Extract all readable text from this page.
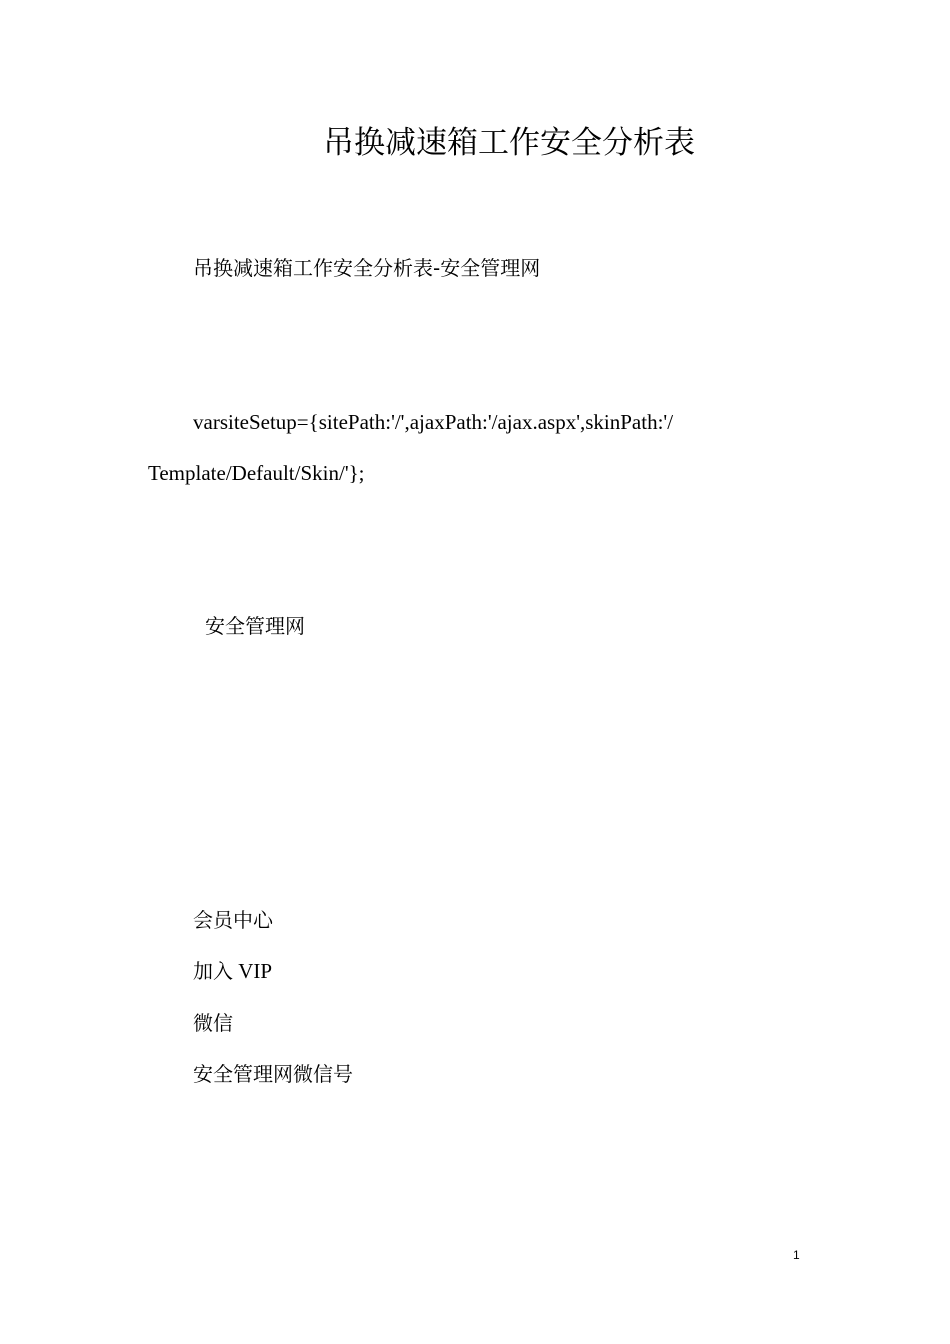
吊换减速箱工作安全分析表
吊换减速箱工作安全分析表-安全管理网
varsiteSetup={sitePath:'/',ajaxPath:'/ajax.aspx',skinPath:'/
Template/Default/Skin/'};
安全管理网
会员中心
加入 VIP
微信
安全管理网微信号
1
